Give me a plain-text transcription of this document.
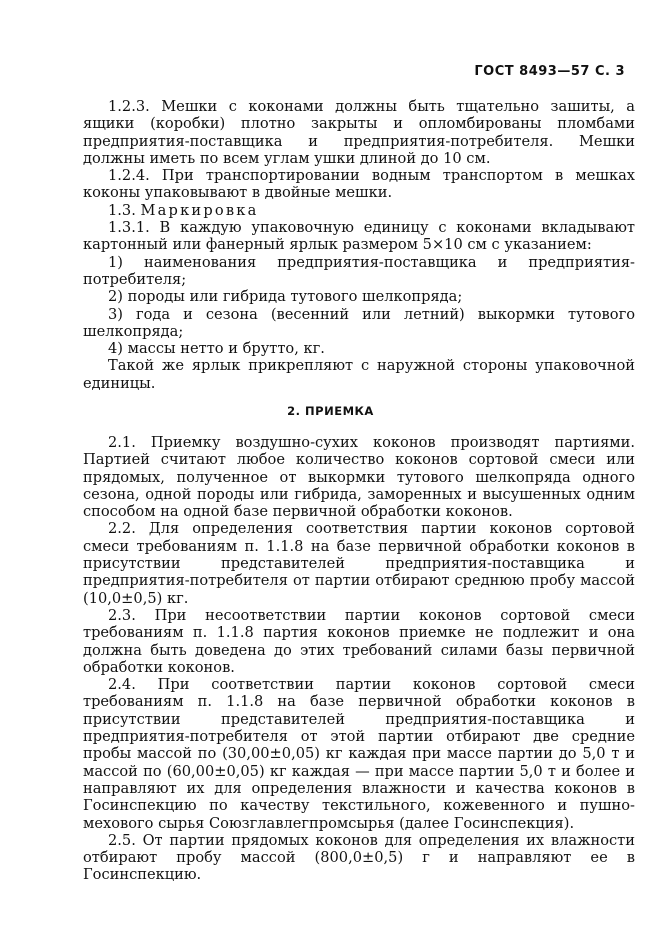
ГОСТ 8493—57 С. 3

1.2.3. Мешки с коконами должны быть тщательно зашиты, а ящики (коробки) плотно закрыты и опломбированы пломбами предприятия-поставщика и предприятия-потребителя. Мешки должны иметь по всем углам ушки длиной до 10 см.

1.2.4. При транспортировании водным транспортом в мешках коконы упаковывают в двойные мешки.

1.3. Маркировка

1.3.1. В каждую упаковочную единицу с коконами вкладывают картонный или фанерный ярлык размером 5×10 см с указанием:

1) наименования предприятия-поставщика и предприятия-потребителя;

2) породы или гибрида тутового шелкопряда;

3) года и сезона (весенний или летний) выкормки тутового шелкопряда;

4) массы нетто и брутто, кг.

Такой же ярлык прикрепляют с наружной стороны упаковочной единицы.

2. ПРИЕМКА

2.1. Приемку воздушно-сухих коконов производят партиями. Партией считают любое количество коконов сортовой смеси или прядомых, полученное от выкормки тутового шелкопряда одного сезона, одной породы или гибрида, заморенных и высушенных одним способом на одной базе первичной обработки коконов.

2.2. Для определения соответствия партии коконов сортовой смеси требованиям п. 1.1.8 на базе первичной обработки коконов в присутствии представителей предприятия-поставщика и предприятия-потребителя от партии отбирают среднюю пробу массой (10,0±0,5) кг.

2.3. При несоответствии партии коконов сортовой смеси требованиям п. 1.1.8 партия коконов приемке не подлежит и она должна быть доведена до этих требований силами базы первичной обработки коконов.

2.4. При соответствии партии коконов сортовой смеси требованиям п. 1.1.8 на базе первичной обработки коконов в присутствии представителей предприятия-поставщика и предприятия-потребителя от этой партии отбирают две средние пробы массой по (30,00±0,05) кг каждая при массе партии до 5,0 т и массой по (60,00±0,05) кг каждая — при массе партии 5,0 т и более и направляют их для определения влажности и качества коконов в Госинспекцию по качеству текстильного, кожевенного и пушно-мехового сырья Союзглавлегпромсырья (далее Госинспекция).

2.5. От партии прядомых коконов для определения их влажности отбирают пробу массой (800,0±0,5) г и направляют ее в Госинспекцию.
